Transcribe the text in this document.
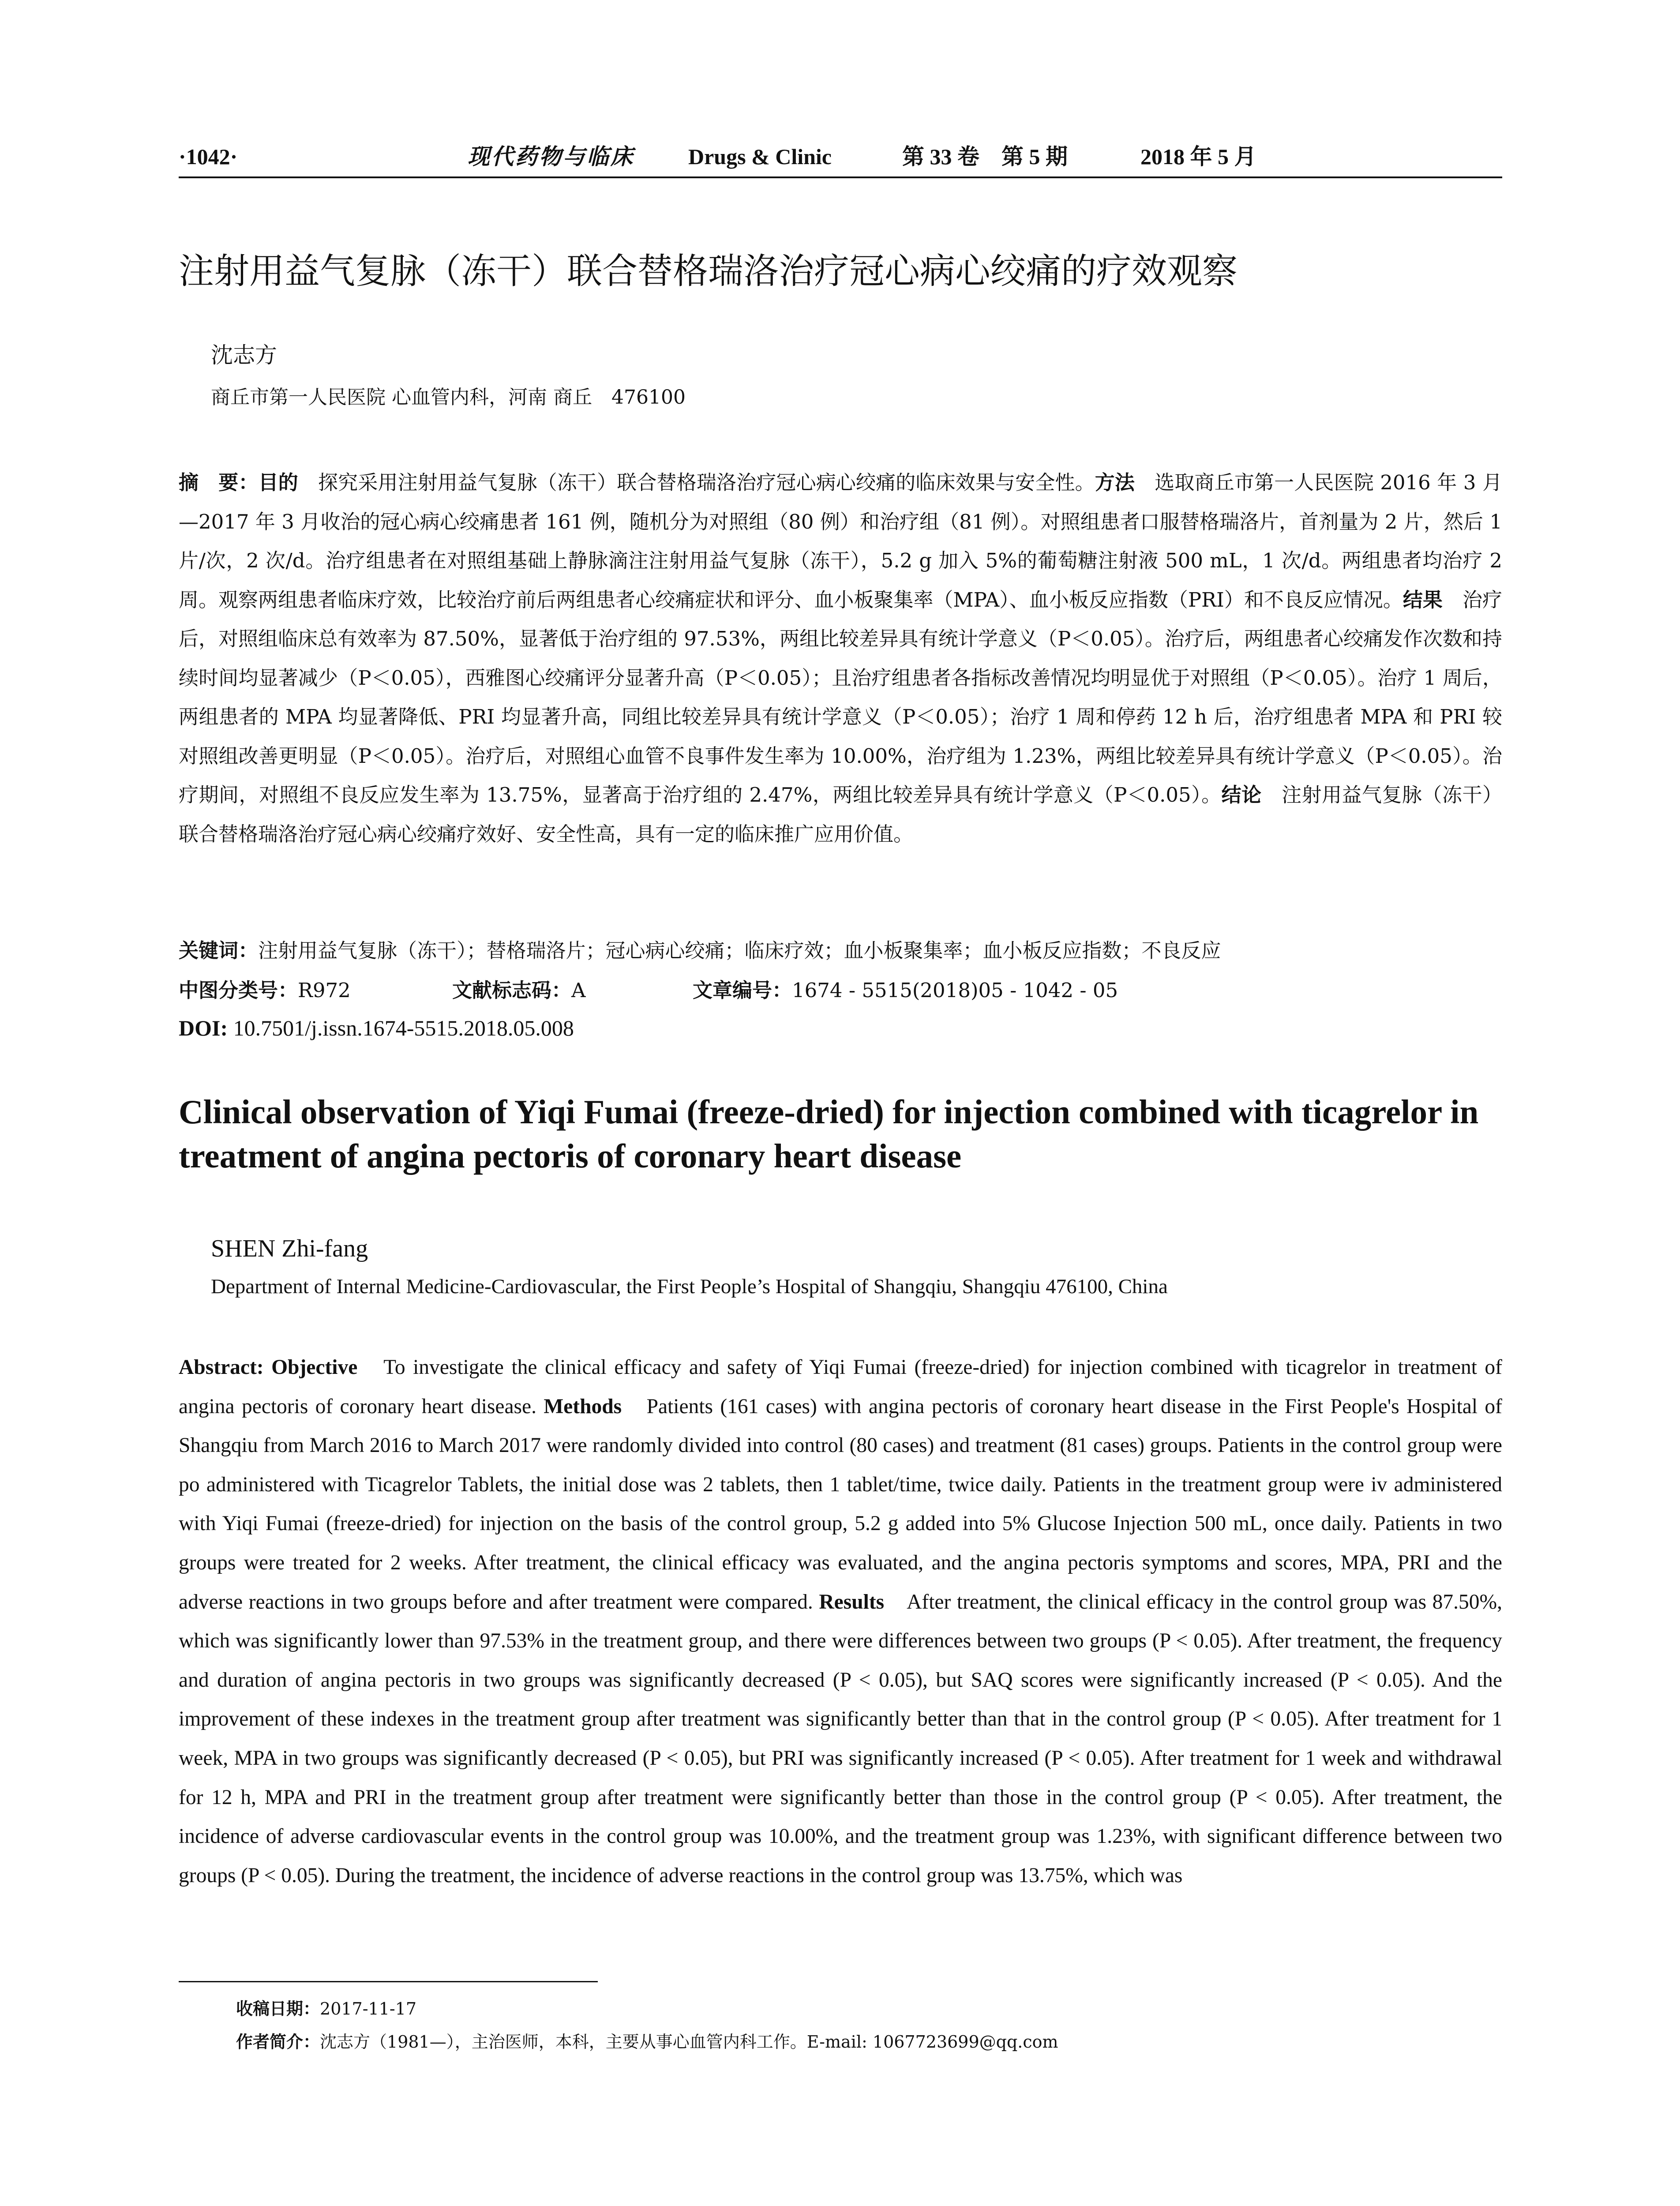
·1042·	现代药物与临床 Drugs & Clinic	第 33 卷　第 5 期	2018 年 5 月
注射用益气复脉（冻干）联合替格瑞洛治疗冠心病心绞痛的疗效观察
沈志方
商丘市第一人民医院 心血管内科，河南 商丘　476100
摘　要：目的　探究采用注射用益气复脉（冻干）联合替格瑞洛治疗冠心病心绞痛的临床效果与安全性。方法　选取商丘市第一人民医院 2016 年 3 月—2017 年 3 月收治的冠心病心绞痛患者 161 例，随机分为对照组（80 例）和治疗组（81 例）。对照组患者口服替格瑞洛片，首剂量为 2 片，然后 1 片/次，2 次/d。治疗组患者在对照组基础上静脉滴注注射用益气复脉（冻干），5.2 g 加入 5%的葡萄糖注射液 500 mL，1 次/d。两组患者均治疗 2 周。观察两组患者临床疗效，比较治疗前后两组患者心绞痛症状和评分、血小板聚集率（MPA）、血小板反应指数（PRI）和不良反应情况。结果　治疗后，对照组临床总有效率为 87.50%，显著低于治疗组的 97.53%，两组比较差异具有统计学意义（P＜0.05）。治疗后，两组患者心绞痛发作次数和持续时间均显著减少（P＜0.05），西雅图心绞痛评分显著升高（P＜0.05）；且治疗组患者各指标改善情况均明显优于对照组（P＜0.05）。治疗 1 周后，两组患者的 MPA 均显著降低、PRI 均显著升高，同组比较差异具有统计学意义（P＜0.05）；治疗 1 周和停药 12 h 后，治疗组患者 MPA 和 PRI 较对照组改善更明显（P＜0.05）。治疗后，对照组心血管不良事件发生率为 10.00%，治疗组为 1.23%，两组比较差异具有统计学意义（P＜0.05）。治疗期间，对照组不良反应发生率为 13.75%，显著高于治疗组的 2.47%，两组比较差异具有统计学意义（P＜0.05）。结论　注射用益气复脉（冻干）联合替格瑞洛治疗冠心病心绞痛疗效好、安全性高，具有一定的临床推广应用价值。
关键词：注射用益气复脉（冻干）；替格瑞洛片；冠心病心绞痛；临床疗效；血小板聚集率；血小板反应指数；不良反应
中图分类号： R972	文献标志码： A	文章编号： 1674 - 5515(2018)05 - 1042 - 05
DOI: 10.7501/j.issn.1674-5515.2018.05.008
Clinical observation of Yiqi Fumai (freeze-dried) for injection combined with ticagrelor in treatment of angina pectoris of coronary heart disease
SHEN Zhi-fang
Department of Internal Medicine-Cardiovascular, the First People’s Hospital of Shangqiu, Shangqiu 476100, China
Abstract: Objective　To investigate the clinical efficacy and safety of Yiqi Fumai (freeze-dried) for injection combined with ticagrelor in treatment of angina pectoris of coronary heart disease. Methods　Patients (161 cases) with angina pectoris of coronary heart disease in the First People's Hospital of Shangqiu from March 2016 to March 2017 were randomly divided into control (80 cases) and treatment (81 cases) groups. Patients in the control group were po administered with Ticagrelor Tablets, the initial dose was 2 tablets, then 1 tablet/time, twice daily. Patients in the treatment group were iv administered with Yiqi Fumai (freeze-dried) for injection on the basis of the control group, 5.2 g added into 5% Glucose Injection 500 mL, once daily. Patients in two groups were treated for 2 weeks. After treatment, the clinical efficacy was evaluated, and the angina pectoris symptoms and scores, MPA, PRI and the adverse reactions in two groups before and after treatment were compared. Results　After treatment, the clinical efficacy in the control group was 87.50%, which was significantly lower than 97.53% in the treatment group, and there were differences between two groups (P < 0.05). After treatment, the frequency and duration of angina pectoris in two groups was significantly decreased (P < 0.05), but SAQ scores were significantly increased (P < 0.05). And the improvement of these indexes in the treatment group after treatment was significantly better than that in the control group (P < 0.05). After treatment for 1 week, MPA in two groups was significantly decreased (P < 0.05), but PRI was significantly increased (P < 0.05). After treatment for 1 week and withdrawal for 12 h, MPA and PRI in the treatment group after treatment were significantly better than those in the control group (P < 0.05). After treatment, the incidence of adverse cardiovascular events in the control group was 10.00%, and the treatment group was 1.23%, with significant difference between two groups (P < 0.05). During the treatment, the incidence of adverse reactions in the control group was 13.75%, which was
收稿日期：2017-11-17
作者简介：沈志方（1981—），主治医师，本科，主要从事心血管内科工作。E-mail: 1067723699@qq.com
